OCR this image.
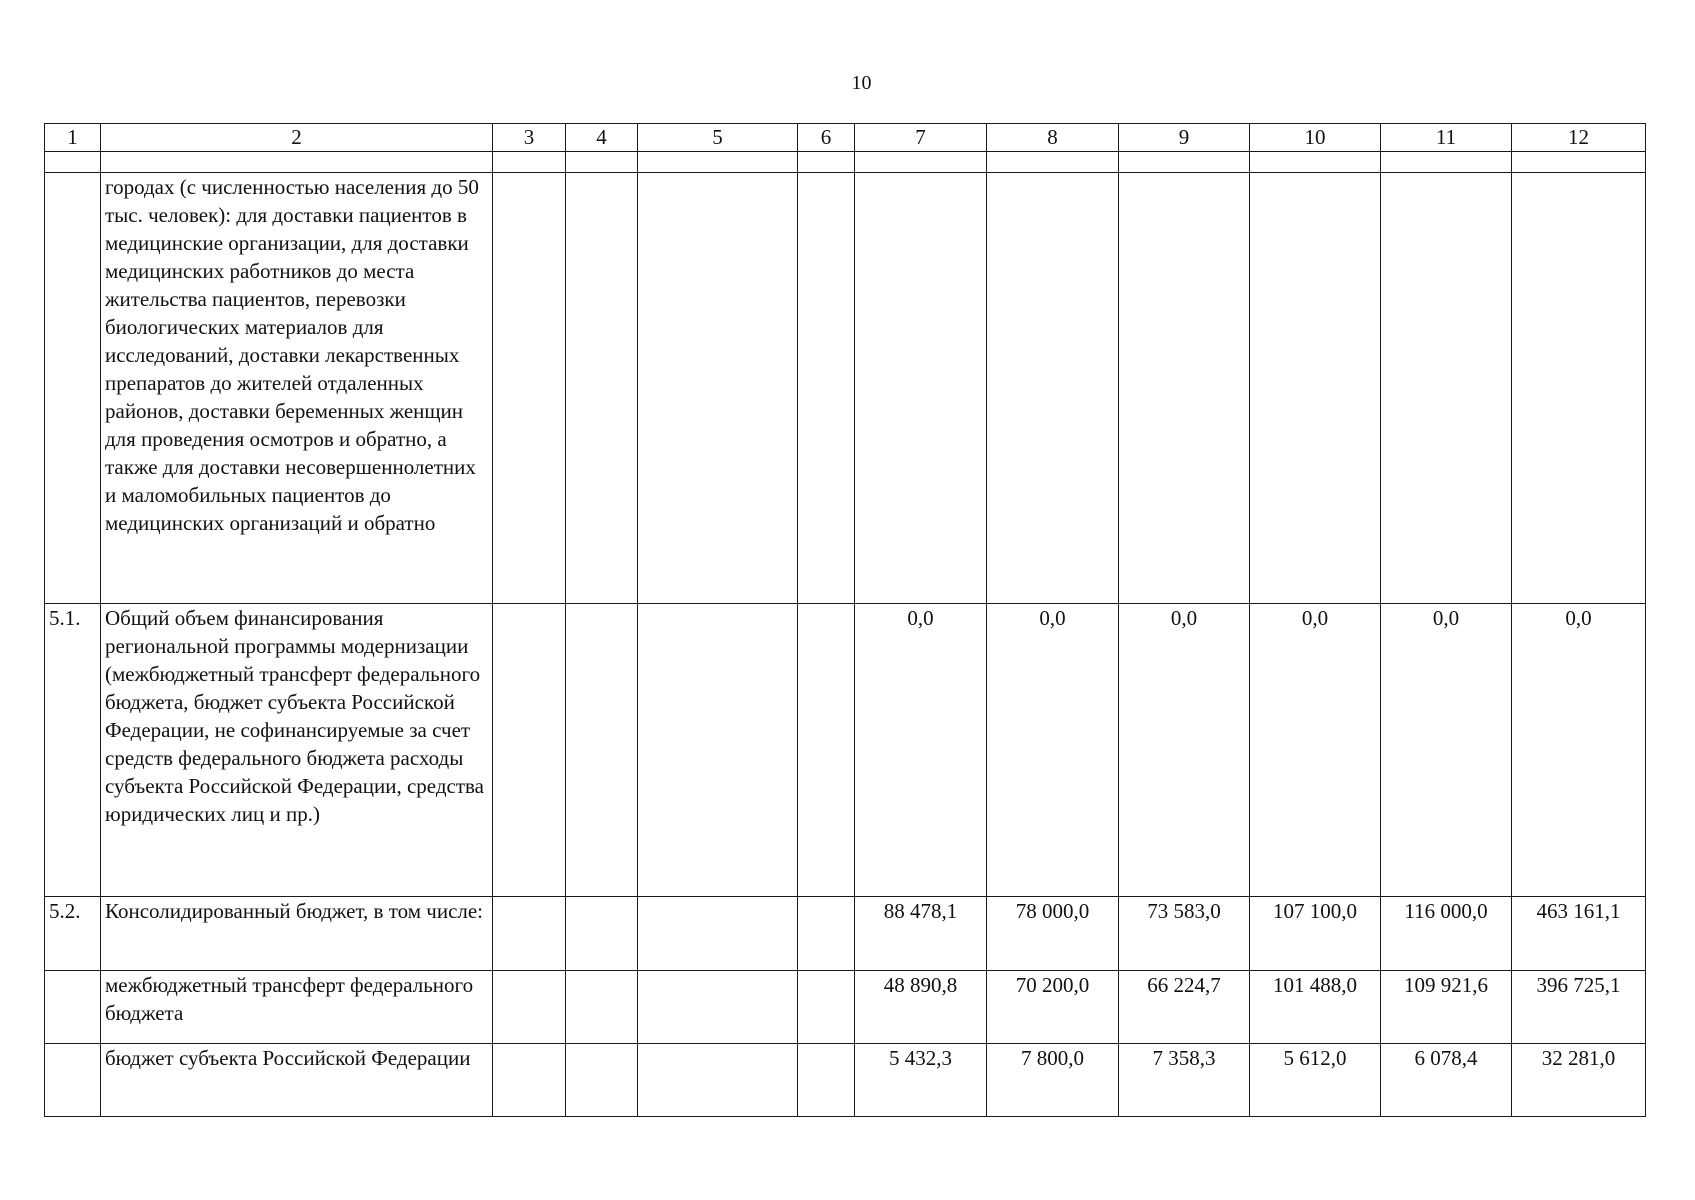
10
1	2	3	4	5	6	7	8	9	10	11	12

	городах (с численностью населения до 50 тыс. человек): для доставки пациентов в медицинские организации, для доставки медицинских работников до места жительства пациентов, перевозки биологических материалов для исследований, доставки лекарственных препаратов до жителей отдаленных районов, доставки беременных женщин для проведения осмотров и обратно, а также для доставки несовершеннолетних и маломобильных пациентов до медицинских организаций и обратно										
5.1.	Общий объем финансирования региональной программы модернизации (межбюджетный трансферт федерального бюджета, бюджет субъекта Российской Федерации, не софинансируемые за счет средств федерального бюджета расходы субъекта Российской Федерации, средства юридических лиц и пр.)					0,0	0,0	0,0	0,0	0,0	0,0
5.2.	Консолидированный бюджет, в том числе:					88 478,1	78 000,0	73 583,0	107 100,0	116 000,0	463 161,1
	межбюджетный трансферт федерального бюджета					48 890,8	70 200,0	66 224,7	101 488,0	109 921,6	396 725,1
	бюджет субъекта Российской Федерации					5 432,3	7 800,0	7 358,3	5 612,0	6 078,4	32 281,0
